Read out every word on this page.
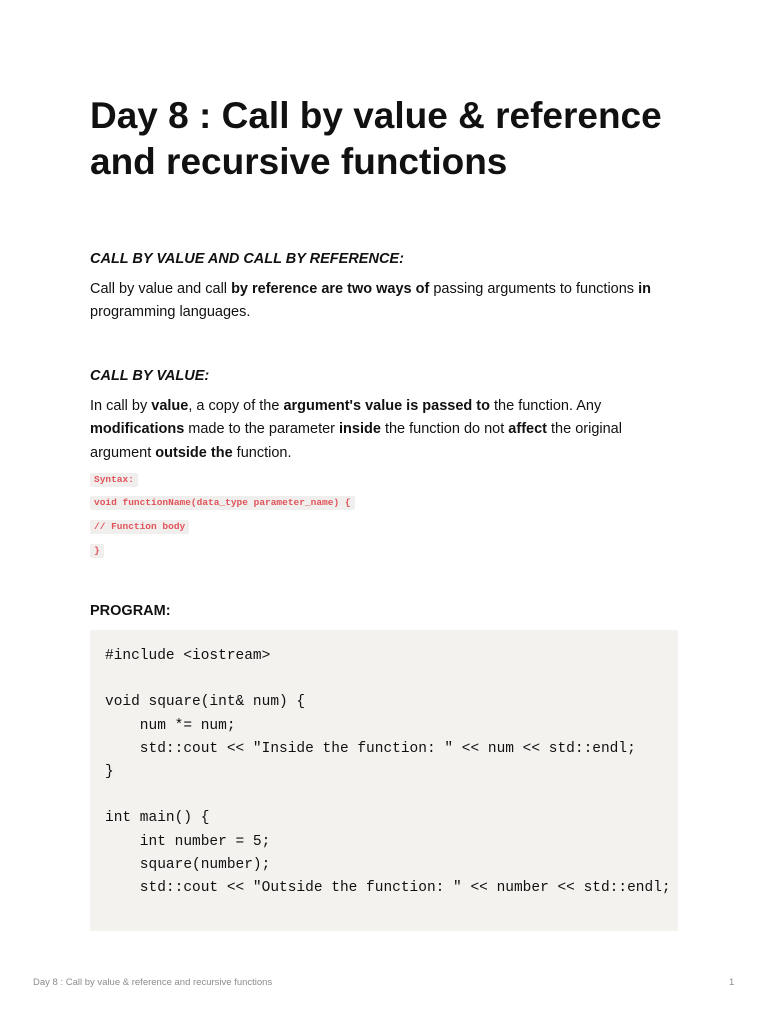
Day 8 : Call by value & reference
and recursive functions
CALL BY VALUE AND CALL BY REFERENCE:

Call by value and call by reference are two ways of passing arguments to functions in programming languages.

CALL BY VALUE:

In call by value, a copy of the argument's value is passed to the function. Any modifications made to the parameter inside the function do not affect the original argument outside the function.

Syntax:
void functionName(data_type parameter_name) {
// Function body
}
PROGRAM:
#include <iostream>

void square(int& num) {
num *= num;
std::cout << "Inside the function: " << num << std::endl;
}

int main() {
int number = 5;
square(number);
std::cout << "Outside the function: " << number << std::endl;
Day 8 : Call by value & reference and recursive functions	1
